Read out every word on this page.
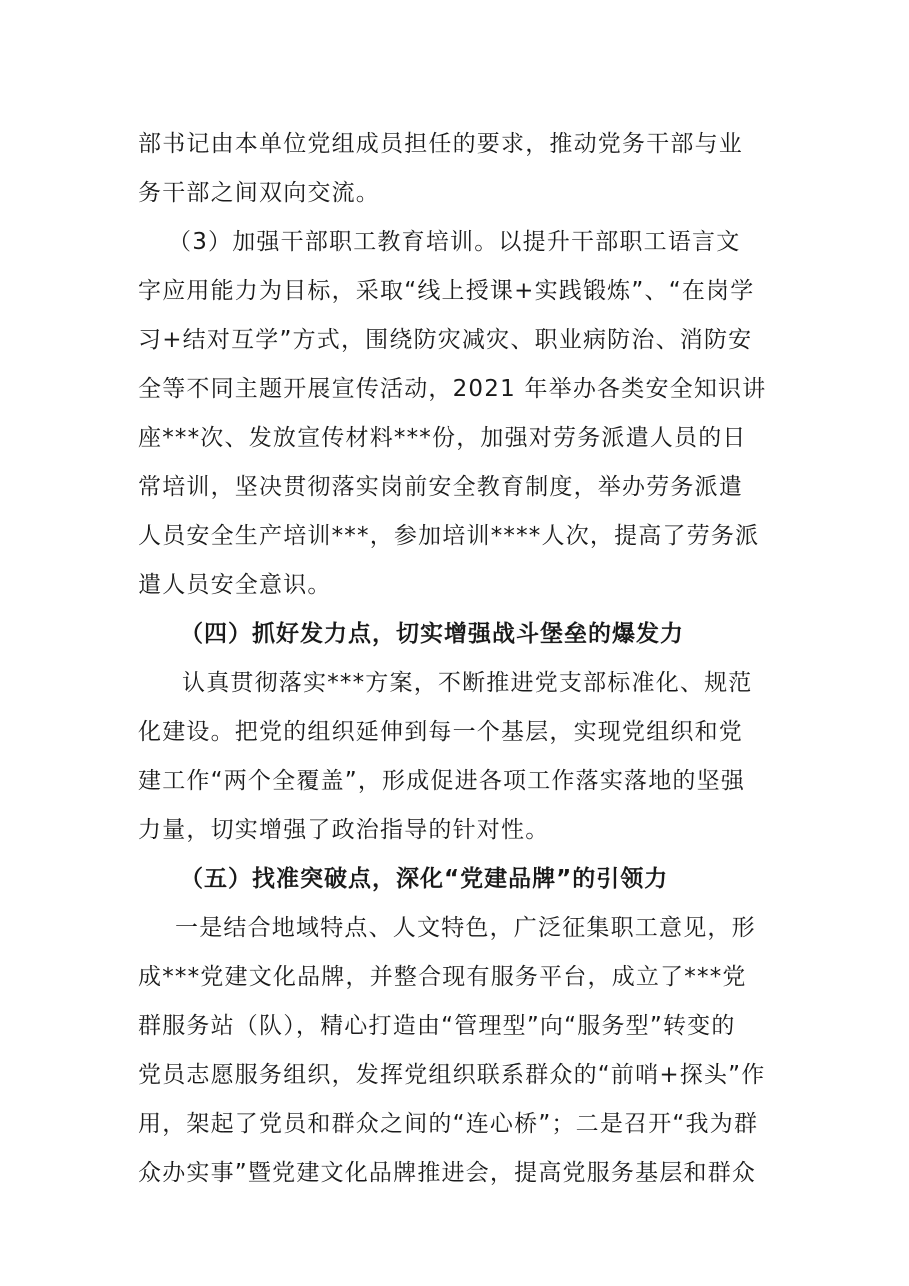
部书记由本单位党组成员担任的要求，推动党务干部与业
务干部之间双向交流。
（3）加强干部职工教育培训。以提升干部职工语言文
字应用能力为目标，采取“线上授课+实践锻炼”、“在岗学
习+结对互学”方式，围绕防灾减灾、职业病防治、消防安
全等不同主题开展宣传活动，2021 年举办各类安全知识讲
座***次、发放宣传材料***份，加强对劳务派遣人员的日
常培训，坚决贯彻落实岗前安全教育制度，举办劳务派遣
人员安全生产培训***，参加培训****人次，提高了劳务派
遣人员安全意识。
（四）抓好发力点，切实增强战斗堡垒的爆发力
认真贯彻落实***方案，不断推进党支部标准化、规范
化建设。把党的组织延伸到每一个基层，实现党组织和党
建工作“两个全覆盖”，形成促进各项工作落实落地的坚强
力量，切实增强了政治指导的针对性。
（五）找准突破点，深化“党建品牌”的引领力
一是结合地域特点、人文特色，广泛征集职工意见，形
成***党建文化品牌，并整合现有服务平台，成立了***党
群服务站（队），精心打造由“管理型”向“服务型”转变的
党员志愿服务组织，发挥党组织联系群众的“前哨+探头”作
用，架起了党员和群众之间的“连心桥”；二是召开“我为群
众办实事”暨党建文化品牌推进会，提高党服务基层和群众
